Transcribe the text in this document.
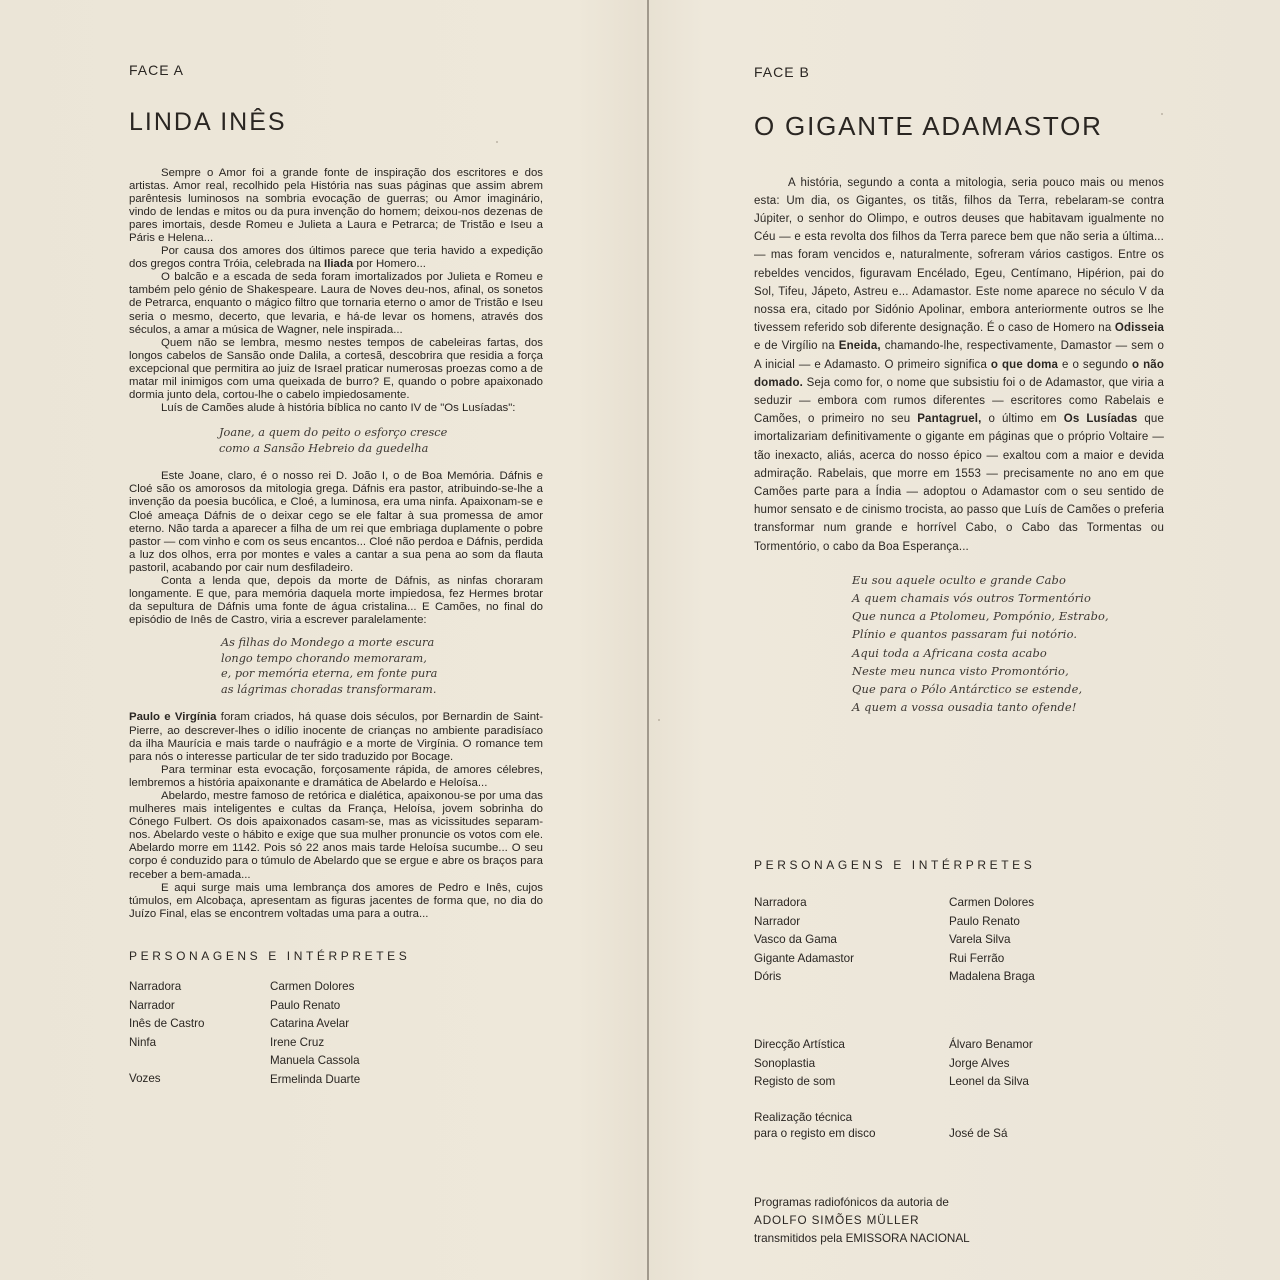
FACE A

LINDA INÊS

Sempre o Amor foi a grande fonte de inspiração dos escritores e dos artistas. Amor real, recolhido pela História nas suas páginas que assim abrem parêntesis luminosos na sombria evocação de guerras; ou Amor imaginário, vindo de lendas e mitos ou da pura invenção do homem; deixou-nos dezenas de pares imortais, desde Romeu e Julieta a Laura e Petrarca; de Tristão e Iseu a Páris e Helena...

Por causa dos amores dos últimos parece que teria havido a expedição dos gregos contra Tróia, celebrada na Iliada por Homero...

O balcão e a escada de seda foram imortalizados por Julieta e Romeu e também pelo génio de Shakespeare. Laura de Noves deu-nos, afinal, os sonetos de Petrarca, enquanto o mágico filtro que tornaria eterno o amor de Tristão e Iseu seria o mesmo, decerto, que levaria, e há-de levar os homens, através dos séculos, a amar a música de Wagner, nele inspirada...

Quem não se lembra, mesmo nestes tempos de cabeleiras fartas, dos longos cabelos de Sansão onde Dalila, a cortesã, descobrira que residia a força excepcional que permitira ao juiz de Israel praticar numerosas proezas como a de matar mil inimigos com uma queixada de burro? E, quando o pobre apaixonado dormia junto dela, cortou-lhe o cabelo impiedosamente.

Luís de Camões alude à história bíblica no canto IV de "Os Lusíadas":

Joane, a quem do peito o esforço cresce
como a Sansão Hebreio da guedelha

Este Joane, claro, é o nosso rei D. João I, o de Boa Memória. Dáfnis e Cloé são os amorosos da mitologia grega. Dáfnis era pastor, atribuindo-se-lhe a invenção da poesia bucólica, e Cloé, a luminosa, era uma ninfa. Apaixonam-se e Cloé ameaça Dáfnis de o deixar cego se ele faltar à sua promessa de amor eterno. Não tarda a aparecer a filha de um rei que embriaga duplamente o pobre pastor — com vinho e com os seus encantos... Cloé não perdoa e Dáfnis, perdida a luz dos olhos, erra por montes e vales a cantar a sua pena ao som da flauta pastoril, acabando por cair num desfiladeiro.

Conta a lenda que, depois da morte de Dáfnis, as ninfas choraram longamente. E que, para memória daquela morte impiedosa, fez Hermes brotar da sepultura de Dáfnis uma fonte de água cristalina... E Camões, no final do episódio de Inês de Castro, viria a escrever paralelamente:

As filhas do Mondego a morte escura
longo tempo chorando memoraram,
e, por memória eterna, em fonte pura
as lágrimas choradas transformaram.

Paulo e Virgínia foram criados, há quase dois séculos, por Bernardin de Saint-Pierre, ao descrever-lhes o idílio inocente de crianças no ambiente paradisíaco da ilha Maurícia e mais tarde o naufrágio e a morte de Virgínia. O romance tem para nós o interesse particular de ter sido traduzido por Bocage.

Para terminar esta evocação, forçosamente rápida, de amores célebres, lembremos a história apaixonante e dramática de Abelardo e Heloísa...

Abelardo, mestre famoso de retórica e dialética, apaixonou-se por uma das mulheres mais inteligentes e cultas da França, Heloísa, jovem sobrinha do Cónego Fulbert. Os dois apaixonados casam-se, mas as vicissitudes separam-nos. Abelardo veste o hábito e exige que sua mulher pronuncie os votos com ele. Abelardo morre em 1142. Pois só 22 anos mais tarde Heloísa sucumbe... O seu corpo é conduzido para o túmulo de Abelardo que se ergue e abre os braços para receber a bem-amada...

E aqui surge mais uma lembrança dos amores de Pedro e Inês, cujos túmulos, em Alcobaça, apresentam as figuras jacentes de forma que, no dia do Juízo Final, elas se encontrem voltadas uma para a outra...

PERSONAGENS E INTÉRPRETES

Narradora
Narrador
Inês de Castro
Ninfa
Vozes
Carmen Dolores
Paulo Renato
Catarina Avelar
Irene Cruz
Manuela Cassola
Ermelinda Duarte

FACE B

O GIGANTE ADAMASTOR

A história, segundo a conta a mitologia, seria pouco mais ou menos esta: Um dia, os Gigantes, os titãs, filhos da Terra, rebelaram-se contra Júpiter, o senhor do Olimpo, e outros deuses que habitavam igualmente no Céu — e esta revolta dos filhos da Terra parece bem que não seria a última... — mas foram vencidos e, naturalmente, sofreram vários castigos. Entre os rebeldes vencidos, figuravam Encélado, Egeu, Centímano, Hipérion, pai do Sol, Tifeu, Jápeto, Astreu e... Adamastor. Este nome aparece no século V da nossa era, citado por Sidónio Apolinar, embora anteriormente outros se lhe tivessem referido sob diferente designação. É o caso de Homero na Odisseia e de Virgílio na Eneida, chamando-lhe, respectivamente, Damastor — sem o A inicial — e Adamasto. O primeiro significa o que doma e o segundo o não domado. Seja como for, o nome que subsistiu foi o de Adamastor, que viria a seduzir — embora com rumos diferentes — escritores como Rabelais e Camões, o primeiro no seu Pantagruel, o último em Os Lusíadas que imortalizariam definitivamente o gigante em páginas que o próprio Voltaire — tão inexacto, aliás, acerca do nosso épico — exaltou com a maior e devida admiração. Rabelais, que morre em 1553 — precisamente no ano em que Camões parte para a Índia — adoptou o Adamastor com o seu sentido de humor sensato e de cinismo trocista, ao passo que Luís de Camões o preferia transformar num grande e horrível Cabo, o Cabo das Tormentas ou Tormentório, o cabo da Boa Esperança...

Eu sou aquele oculto e grande Cabo
A quem chamais vós outros Tormentório
Que nunca a Ptolomeu, Pompónio, Estrabo,
Plínio e quantos passaram fui notório.
Aqui toda a Africana costa acabo
Neste meu nunca visto Promontório,
Que para o Pólo Antárctico se estende,
A quem a vossa ousadia tanto ofende!

PERSONAGENS E INTÉRPRETES

Narradora
Narrador
Vasco da Gama
Gigante Adamastor
Dóris
Carmen Dolores
Paulo Renato
Varela Silva
Rui Ferrão
Madalena Braga
Direcção Artística
Sonoplastia
Registo de som
Álvaro Benamor
Jorge Alves
Leonel da Silva
Realização técnica
para o registo em disco	José de Sá
Programas radiofónicos da autoria de
ADOLFO SIMÕES MÜLLER
transmitidos pela EMISSORA NACIONAL
